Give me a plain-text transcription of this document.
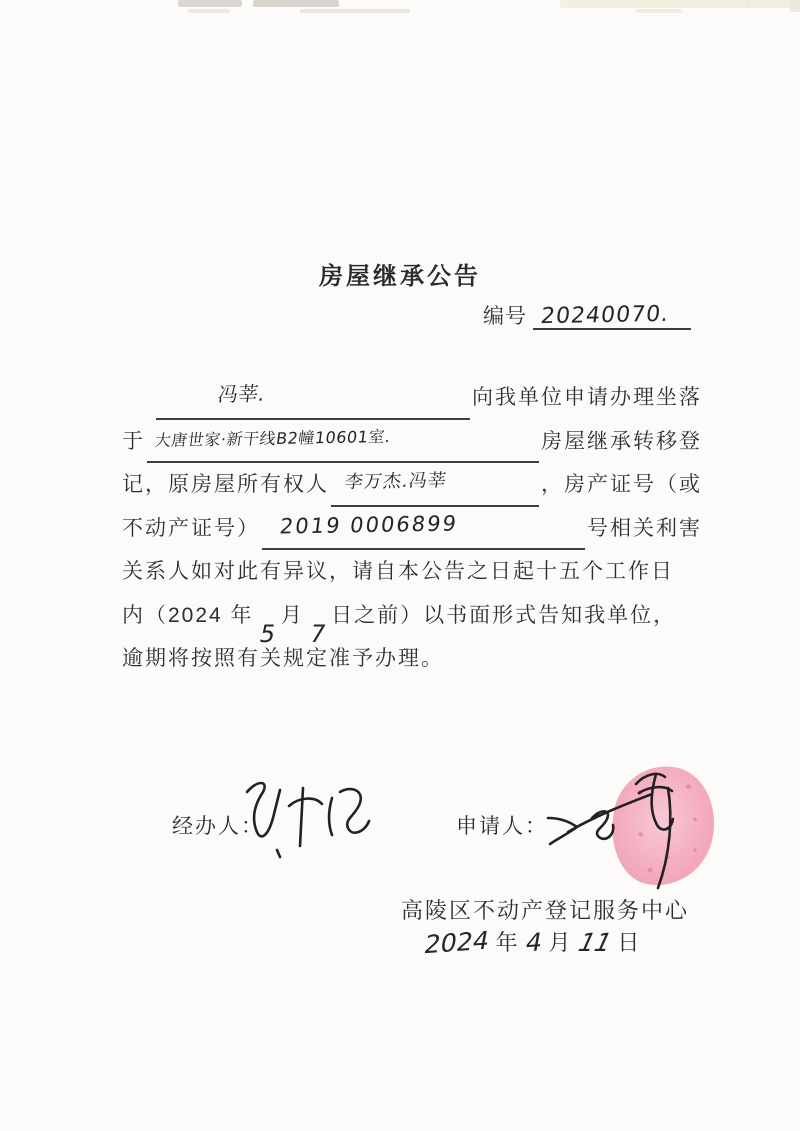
房屋继承公告
编号 20240070.
冯莘.	向我单位申请办理坐落
于 大唐世家·新干线B2幢10601室.	房屋继承转移登
记，原房屋所有权人 李万杰.冯莘	，房产证号（或
不动产证号） 2019 0006899	号相关利害
关系人如对此有异议，请自本公告之日起十五个工作日
内（2024 年
5
月
7
日之前）以书面形式告知我单位，
逾期将按照有关规定准予办理。
经办人：	申请人：
高陵区不动产登记服务中心
2024 年 4 月 11 日
